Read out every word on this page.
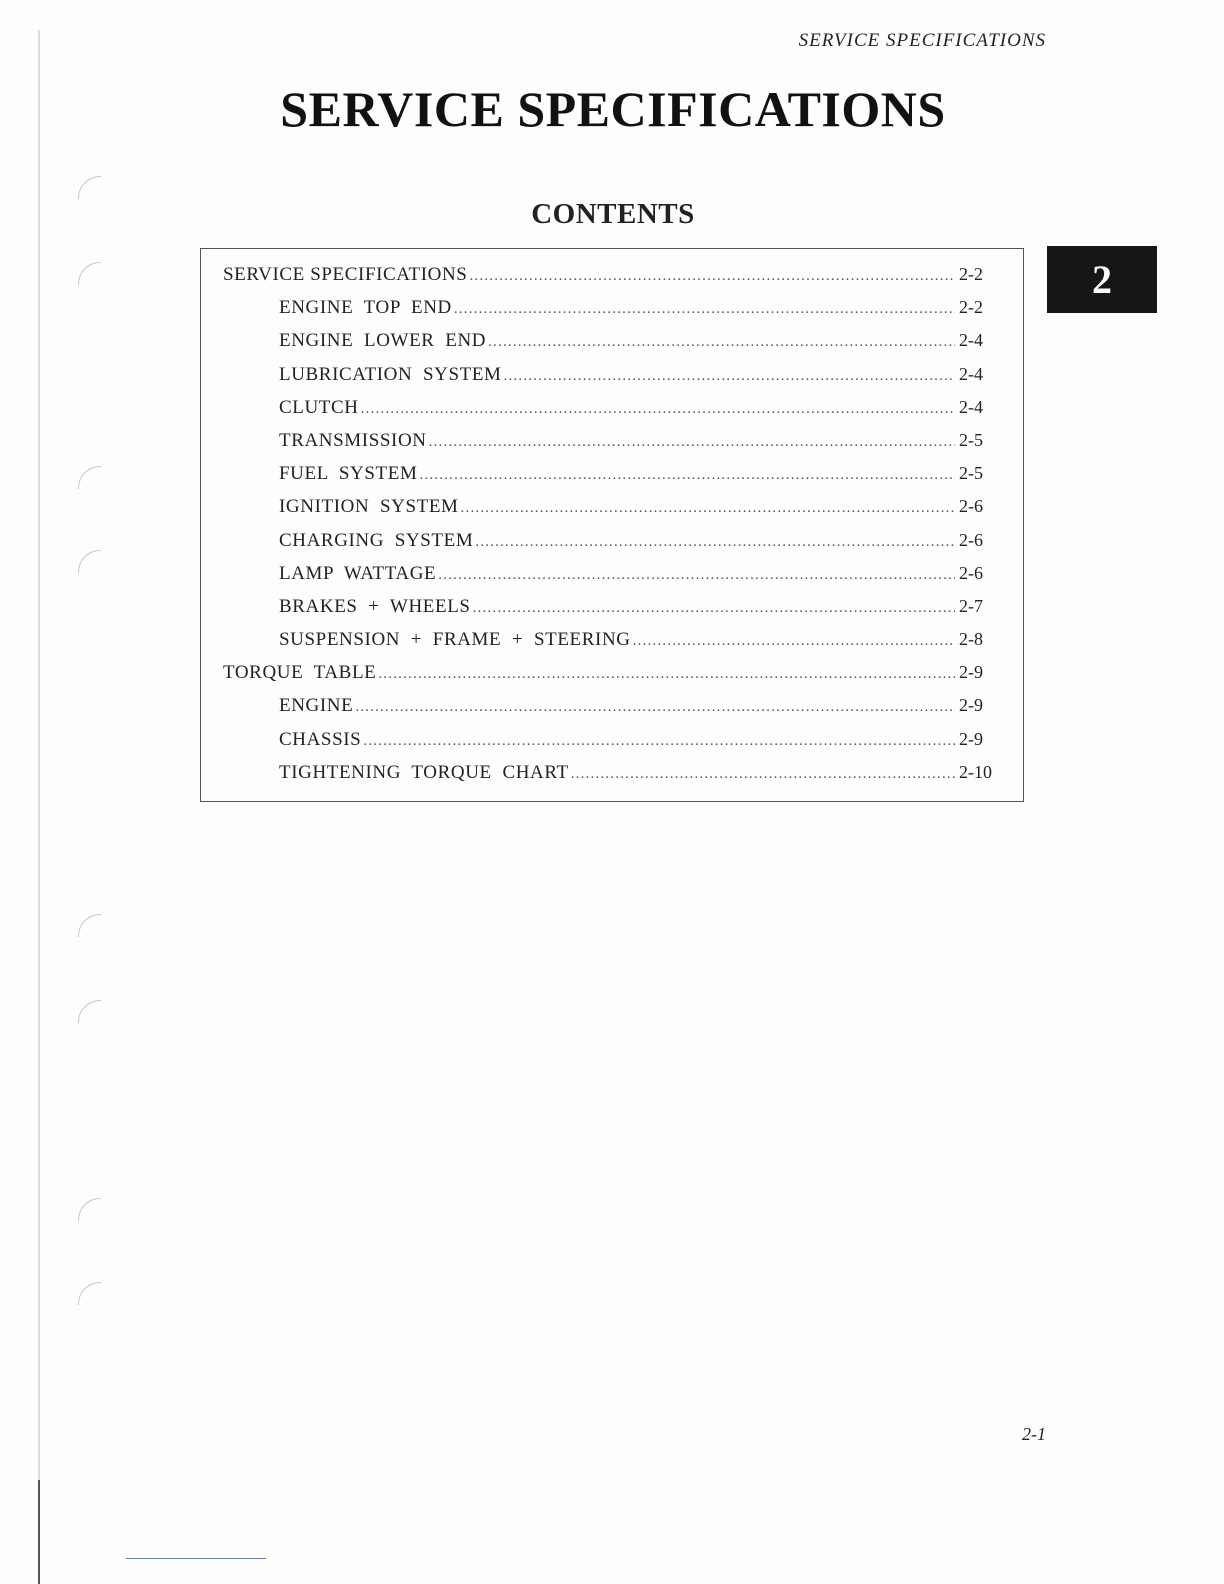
SERVICE SPECIFICATIONS
SERVICE SPECIFICATIONS
CONTENTS
2
SERVICE SPECIFICATIONS .....	2-2
ENGINE  TOP  END .....	2-2
ENGINE  LOWER  END .....	2-4
LUBRICATION  SYSTEM .....	2-4
CLUTCH .....	2-4
TRANSMISSION .....	2-5
FUEL  SYSTEM .....	2-5
IGNITION  SYSTEM .....	2-6
CHARGING  SYSTEM .....	2-6
LAMP  WATTAGE .....	2-6
BRAKES  +  WHEELS .....	2-7
SUSPENSION  +  FRAME  +  STEERING .....	2-8
TORQUE  TABLE .....	2-9
ENGINE .....	2-9
CHASSIS .....	2-9
TIGHTENING  TORQUE  CHART .....	2-10
2-1
